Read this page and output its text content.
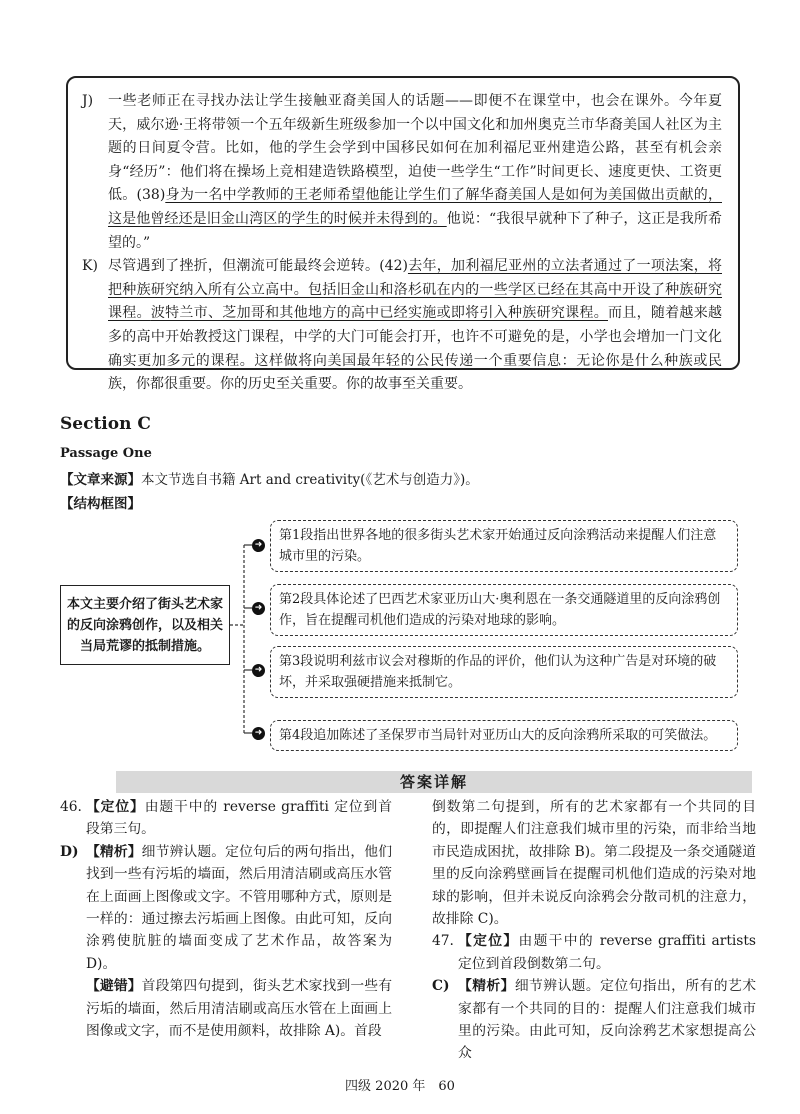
J)	一些老师正在寻找办法让学生接触亚裔美国人的话题——即便不在课堂中，也会在课外。今年夏天，威尔逊·王将带领一个五年级新生班级参加一个以中国文化和加州奥克兰市华裔美国人社区为主题的日间夏令营。比如，他的学生会学到中国移民如何在加利福尼亚州建造公路，甚至有机会亲身“经历”：他们将在操场上竞相建造铁路模型，迫使一些学生“工作”时间更长、速度更快、工资更低。(38)身为一名中学教师的王老师希望他能让学生们了解华裔美国人是如何为美国做出贡献的，这是他曾经还是旧金山湾区的学生的时候并未得到的。他说：“我很早就种下了种子，这正是我所希望的。”
K) 尽管遇到了挫折，但潮流可能最终会逆转。(42)去年，加利福尼亚州的立法者通过了一项法案，将把种族研究纳入所有公立高中。包括旧金山和洛杉矶在内的一些学区已经在其高中开设了种族研究课程。波特兰市、芝加哥和其他地方的高中已经实施或即将引入种族研究课程。而且，随着越来越多的高中开始教授这门课程，中学的大门可能会打开，也许不可避免的是，小学也会增加一门文化确实更加多元的课程。这样做将向美国最年轻的公民传递一个重要信息：无论你是什么种族或民族，你都很重要。你的历史至关重要。你的故事至关重要。
Section C
Passage One
【文章来源】本文节选自书籍 Art and creativity(《艺术与创造力》)。
【结构框图】
本文主要介绍了街头艺术家的反向涂鸦创作，以及相关当局荒谬的抵制措施。
➜
➜
➜
➜
第1段指出世界各地的很多街头艺术家开始通过反向涂鸦活动来提醒人们注意城市里的污染。
第2段具体论述了巴西艺术家亚历山大·奥利恩在一条交通隧道里的反向涂鸦创作，旨在提醒司机他们造成的污染对地球的影响。
第3段说明利兹市议会对穆斯的作品的评价，他们认为这种广告是对环境的破坏，并采取强硬措施来抵制它。
第4段追加陈述了圣保罗市当局针对亚历山大的反向涂鸦所采取的可笑做法。
答案详解
46. 【定位】由题干中的 reverse graffiti 定位到首段第三句。
D) 【精析】细节辨认题。定位句后的两句指出，他们找到一些有污垢的墙面，然后用清洁刷或高压水管在上面画上图像或文字。不管用哪种方式，原则是一样的：通过擦去污垢画上图像。由此可知，反向涂鸦使肮脏的墙面变成了艺术作品，故答案为 D)。
【避错】首段第四句提到，街头艺术家找到一些有污垢的墙面，然后用清洁刷或高压水管在上面画上图像或文字，而不是使用颜料，故排除 A)。首段
倒数第二句提到，所有的艺术家都有一个共同的目的，即提醒人们注意我们城市里的污染，而非给当地市民造成困扰，故排除 B)。第二段提及一条交通隧道里的反向涂鸦壁画旨在提醒司机他们造成的污染对地球的影响，但并未说反向涂鸦会分散司机的注意力，故排除 C)。
47. 【定位】由题干中的 reverse graffiti artists 定位到首段倒数第二句。
C) 【精析】细节辨认题。定位句指出，所有的艺术家都有一个共同的目的：提醒人们注意我们城市里的污染。由此可知，反向涂鸦艺术家想提高公众
四级 2020 年　60
